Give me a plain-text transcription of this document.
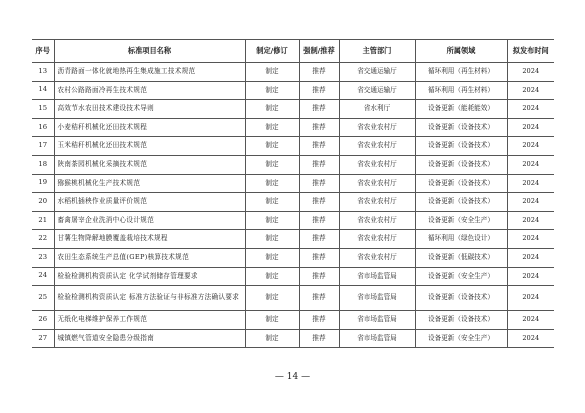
序号	标准项目名称	制定/修订	强制/推荐	主管部门	所属领域	拟发布时间
13	沥青路面一体化就地热再生集成施工技术规范	制定	推荐	省交通运输厅	循环利用（再生材料）	2024
14	农村公路路面冷再生技术规范	制定	推荐	省交通运输厅	循环利用（再生材料）	2024
15	高效节水农田技术建设技术导则	制定	推荐	省水利厅	设备更新（能耗能效）	2024
16	小麦秸秆机械化还田技术规程	制定	推荐	省农业农村厅	设备更新（设备技术）	2024
17	玉米秸秆机械化还田技术规范	制定	推荐	省农业农村厅	设备更新（设备技术）	2024
18	陕南茶园机械化采摘技术规范	制定	推荐	省农业农村厅	设备更新（设备技术）	2024
19	猕猴桃机械化生产技术规范	制定	推荐	省农业农村厅	设备更新（设备技术）	2024
20	水稻机插秧作业质量评价规范	制定	推荐	省农业农村厅	设备更新（设备技术）	2024
21	畜禽屠宰企业洗消中心设计规范	制定	推荐	省农业农村厅	设备更新（安全生产）	2024
22	甘薯生物降解地膜覆盖栽培技术规程	制定	推荐	省农业农村厅	循环利用（绿色设计）	2024
23	农田生态系统生产总值(GEP)核算技术规范	制定	推荐	省农业农村厅	设备更新（低碳技术）	2024
24	检验检测机构资质认定 化学试剂储存管理要求	制定	推荐	省市场监管局	设备更新（安全生产）	2024
25	检验检测机构资质认定 标准方法验证与非标准方法确认要求	制定	推荐	省市场监管局	设备更新（设备技术）	2024
26	无纸化电梯维护保养工作规范	制定	推荐	省市场监管局	设备更新（设备技术）	2024
27	城镇燃气管道安全隐患分级指南	制定	推荐	省市场监管局	设备更新（安全生产）	2024
— 14 —
